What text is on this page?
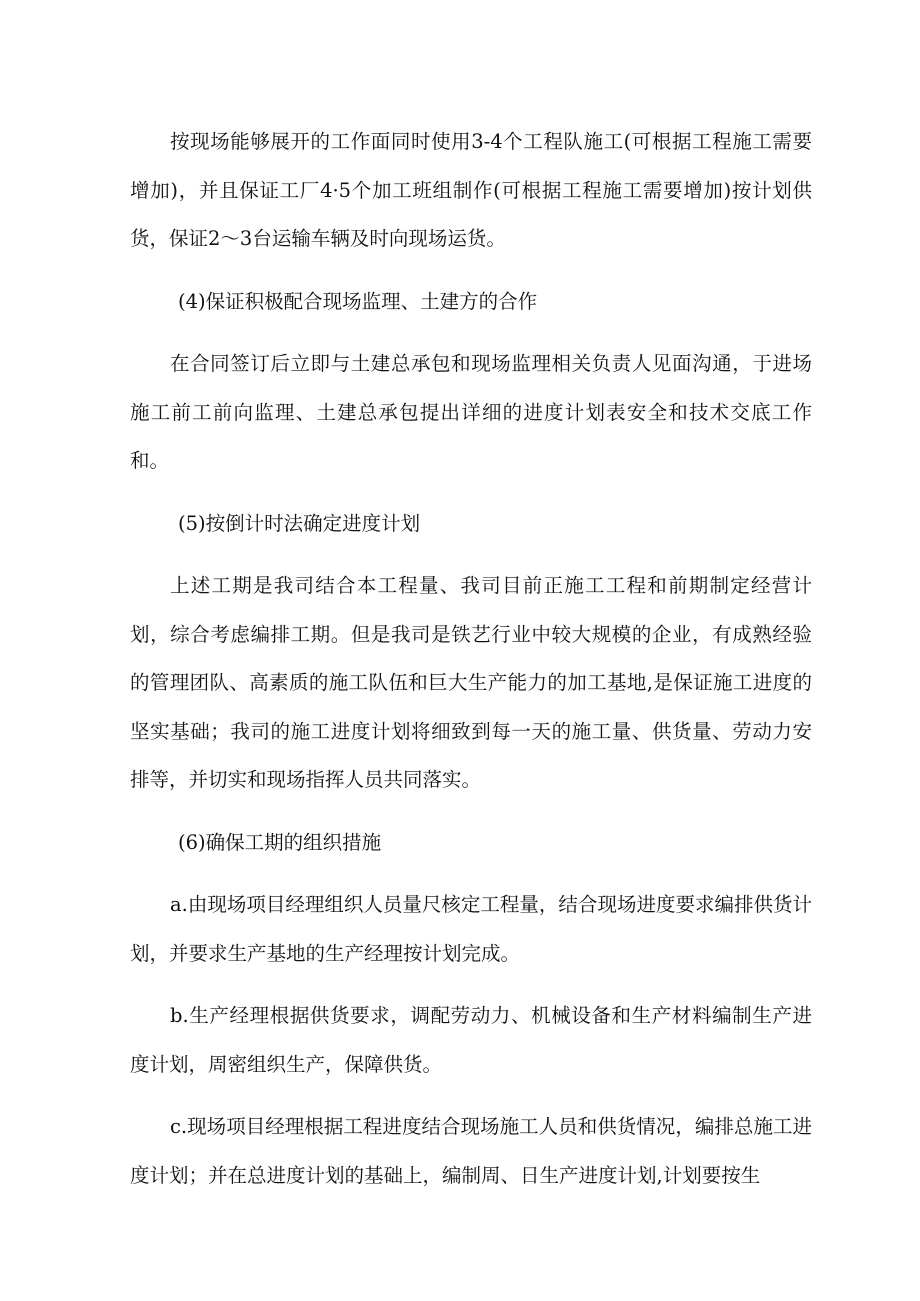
按现场能够展开的工作面同时使用3-4个工程队施工(可根据工程施工需要增加)，并且保证工厂4·5个加工班组制作(可根据工程施工需要增加)按计划供货，保证2～3台运输车辆及时向现场运货。

(4)保证积极配合现场监理、土建方的合作

在合同签订后立即与土建总承包和现场监理相关负责人见面沟通，于进场施工前工前向监理、土建总承包提出详细的进度计划表安全和技术交底工作和。

(5)按倒计时法确定进度计划

上述工期是我司结合本工程量、我司目前正施工工程和前期制定经营计划，综合考虑编排工期。但是我司是铁艺行业中较大规模的企业，有成熟经验的管理团队、高素质的施工队伍和巨大生产能力的加工基地,是保证施工进度的坚实基础；我司的施工进度计划将细致到每一天的施工量、供货量、劳动力安排等，并切实和现场指挥人员共同落实。

(6)确保工期的组织措施

a.由现场项目经理组织人员量尺核定工程量，结合现场进度要求编排供货计划，并要求生产基地的生产经理按计划完成。

b.生产经理根据供货要求，调配劳动力、机械设备和生产材料编制生产进度计划，周密组织生产，保障供货。

c.现场项目经理根据工程进度结合现场施工人员和供货情况，编排总施工进度计划；并在总进度计划的基础上，编制周、日生产进度计划,计划要按生
